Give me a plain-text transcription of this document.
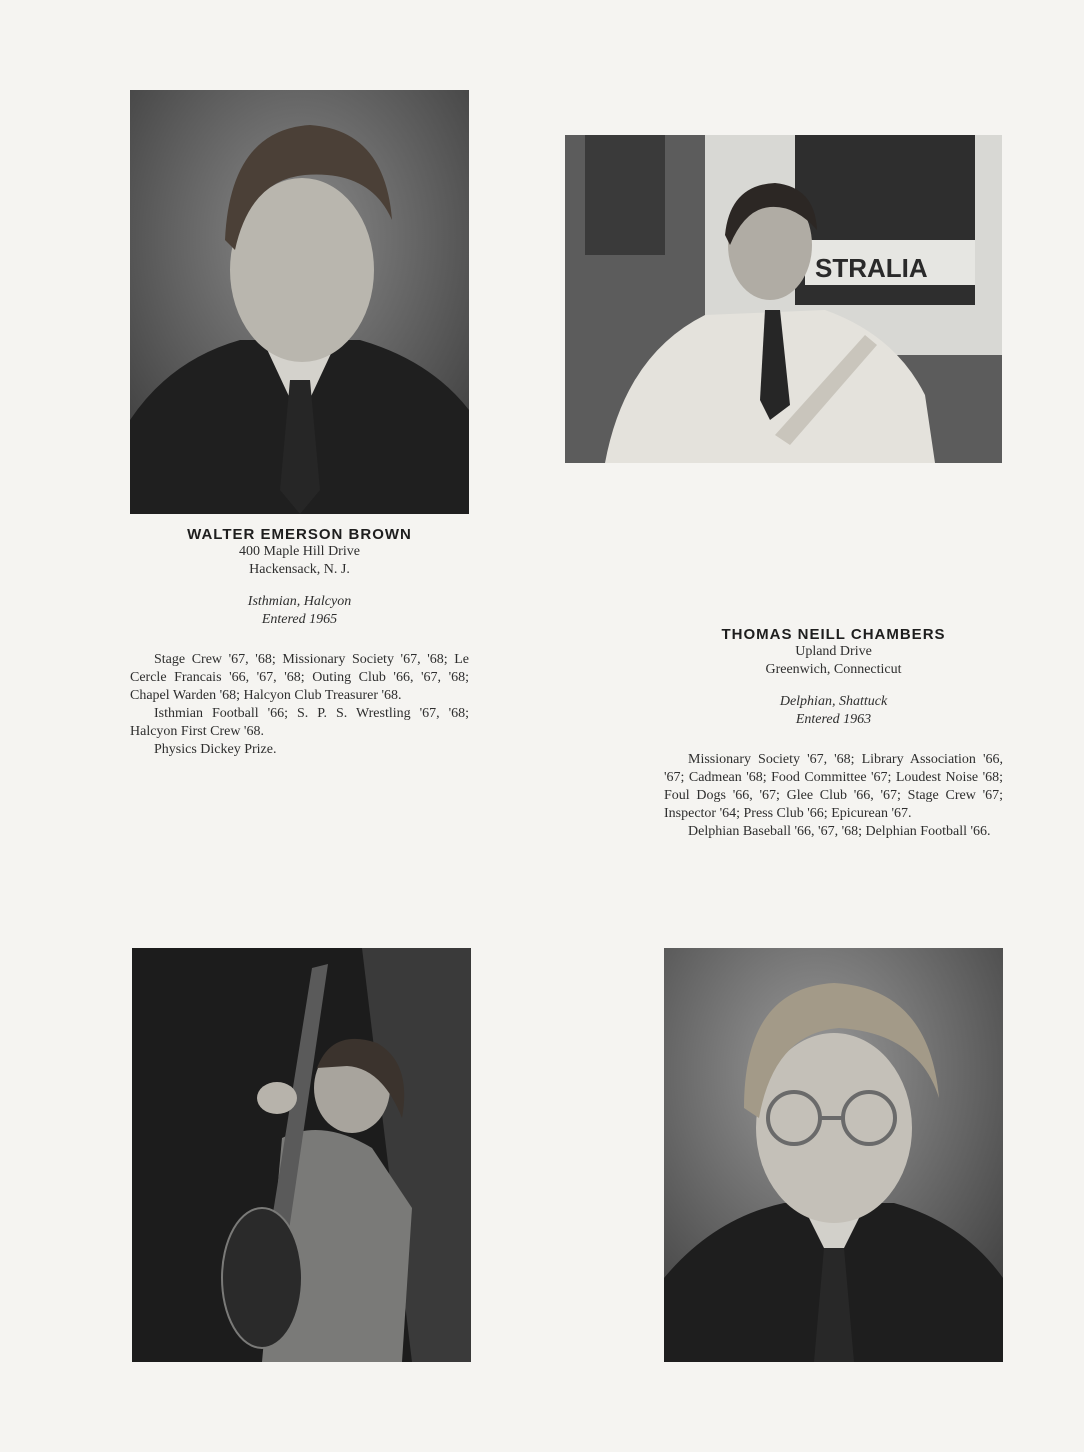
STRALIA
WALTER EMERSON BROWN
400 Maple Hill Drive
Hackensack, N. J.
Isthmian, Halcyon
Entered 1965

Stage Crew '67, '68; Missionary Society '67, '68; Le Cercle Francais '66, '67, '68; Outing Club '66, '67, '68; Chapel Warden '68; Halcyon Club Treasurer '68.

Isthmian Football '66; S. P. S. Wrestling '67, '68; Halcyon First Crew '68.

Physics Dickey Prize.

THOMAS NEILL CHAMBERS
Upland Drive
Greenwich, Connecticut
Delphian, Shattuck
Entered 1963

Missionary Society '67, '68; Library Association '66, '67; Cadmean '68; Food Committee '67; Loudest Noise '68; Foul Dogs '66, '67; Glee Club '66, '67; Stage Crew '67; Inspector '64; Press Club '66; Epicurean '67.

Delphian Baseball '66, '67, '68; Delphian Football '66.
